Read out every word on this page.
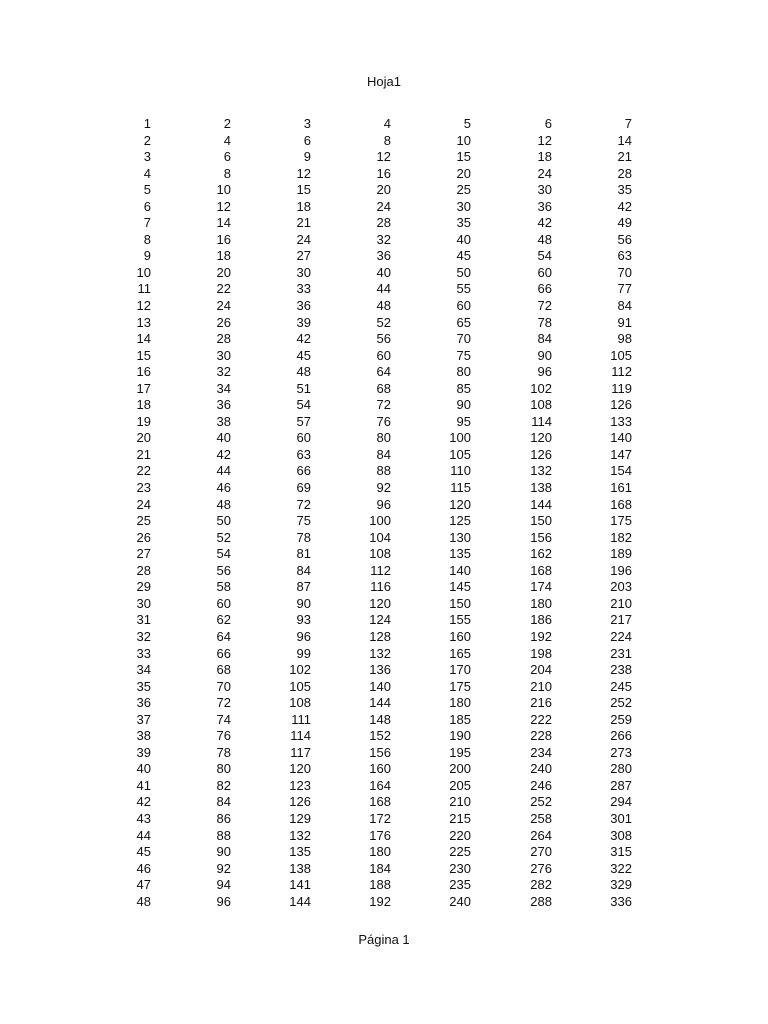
Hoja1
1	2	3	4	5	6	7
2	4	6	8	10	12	14
3	6	9	12	15	18	21
4	8	12	16	20	24	28
5	10	15	20	25	30	35
6	12	18	24	30	36	42
7	14	21	28	35	42	49
8	16	24	32	40	48	56
9	18	27	36	45	54	63
10	20	30	40	50	60	70
11	22	33	44	55	66	77
12	24	36	48	60	72	84
13	26	39	52	65	78	91
14	28	42	56	70	84	98
15	30	45	60	75	90	105
16	32	48	64	80	96	112
17	34	51	68	85	102	119
18	36	54	72	90	108	126
19	38	57	76	95	114	133
20	40	60	80	100	120	140
21	42	63	84	105	126	147
22	44	66	88	110	132	154
23	46	69	92	115	138	161
24	48	72	96	120	144	168
25	50	75	100	125	150	175
26	52	78	104	130	156	182
27	54	81	108	135	162	189
28	56	84	112	140	168	196
29	58	87	116	145	174	203
30	60	90	120	150	180	210
31	62	93	124	155	186	217
32	64	96	128	160	192	224
33	66	99	132	165	198	231
34	68	102	136	170	204	238
35	70	105	140	175	210	245
36	72	108	144	180	216	252
37	74	111	148	185	222	259
38	76	114	152	190	228	266
39	78	117	156	195	234	273
40	80	120	160	200	240	280
41	82	123	164	205	246	287
42	84	126	168	210	252	294
43	86	129	172	215	258	301
44	88	132	176	220	264	308
45	90	135	180	225	270	315
46	92	138	184	230	276	322
47	94	141	188	235	282	329
48	96	144	192	240	288	336
Página 1
